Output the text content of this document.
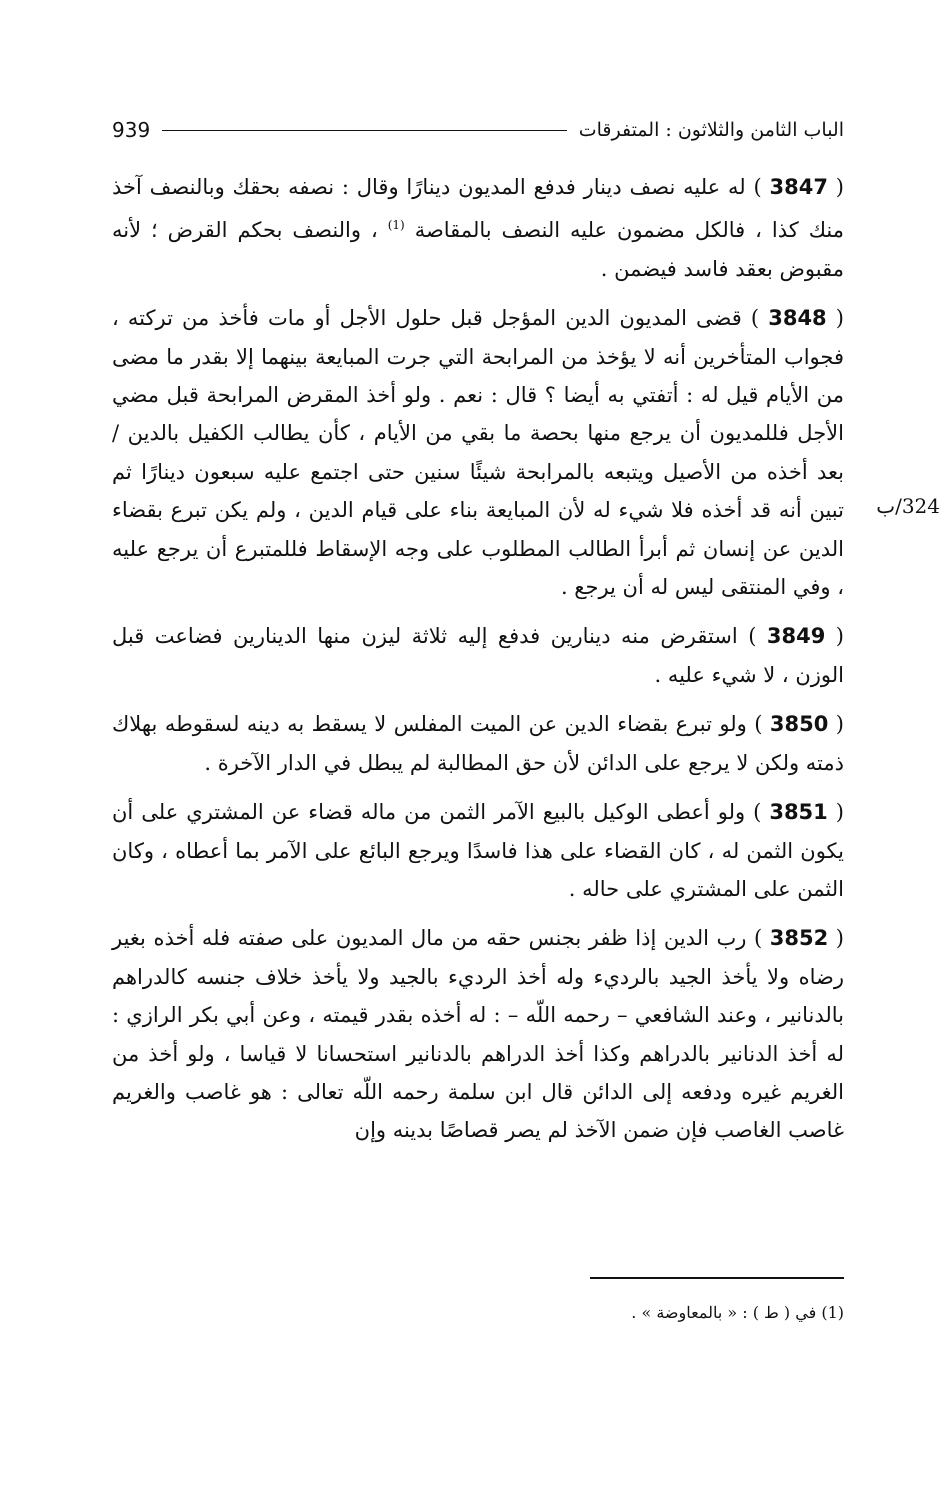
الباب الثامن والثلاثون : المتفرقات
939
324/ب

( 3847 ) له عليه نصف دينار فدفع المديون دينارًا وقال : نصفه بحقك وبالنصف آخذ منك كذا ، فالكل مضمون عليه النصف بالمقاصة $^{(1)}$ ، والنصف بحكم القرض ؛ لأنه مقبوض بعقد فاسد فيضمن .

( 3848 ) قضى المديون الدين المؤجل قبل حلول الأجل أو مات فأخذ من تركته ، فجواب المتأخرين أنه لا يؤخذ من المرابحة التي جرت المبايعة بينهما إلا بقدر ما مضى من الأيام قيل له : أتفتي به أيضا ؟ قال : نعم . ولو أخذ المقرض المرابحة قبل مضي الأجل فللمديون أن يرجع منها بحصة ما بقي من الأيام ، كأن يطالب الكفيل بالدين / بعد أخذه من الأصيل ويتبعه بالمرابحة شيئًا سنين حتى اجتمع عليه سبعون دينارًا ثم تبين أنه قد أخذه فلا شيء له لأن المبايعة بناء على قيام الدين ، ولم يكن تبرع بقضاء الدين عن إنسان ثم أبرأ الطالب المطلوب على وجه الإسقاط فللمتبرع أن يرجع عليه ، وفي المنتقى ليس له أن يرجع .

( 3849 ) استقرض منه دينارين فدفع إليه ثلاثة ليزن منها الدينارين فضاعت قبل الوزن ، لا شيء عليه .

( 3850 ) ولو تبرع بقضاء الدين عن الميت المفلس لا يسقط به دينه لسقوطه بهلاك ذمته ولكن لا يرجع على الدائن لأن حق المطالبة لم يبطل في الدار الآخرة .

( 3851 ) ولو أعطى الوكيل بالبيع الآمر الثمن من ماله قضاء عن المشتري على أن يكون الثمن له ، كان القضاء على هذا فاسدًا ويرجع البائع على الآمر بما أعطاه ، وكان الثمن على المشتري على حاله .

( 3852 ) رب الدين إذا ظفر بجنس حقه من مال المديون على صفته فله أخذه بغير رضاه ولا يأخذ الجيد بالرديء وله أخذ الرديء بالجيد ولا يأخذ خلاف جنسه كالدراهم بالدنانير ، وعند الشافعي – رحمه اللّه – : له أخذه بقدر قيمته ، وعن أبي بكر الرازي : له أخذ الدنانير بالدراهم وكذا أخذ الدراهم بالدنانير استحسانا لا قياسا ، ولو أخذ من الغريم غيره ودفعه إلى الدائن قال ابن سلمة رحمه اللّه تعالى : هو غاصب والغريم غاصب الغاصب فإن ضمن الآخذ لم يصر قصاصًا بدينه وإن

(1) في ( ط ) : « بالمعاوضة » .
